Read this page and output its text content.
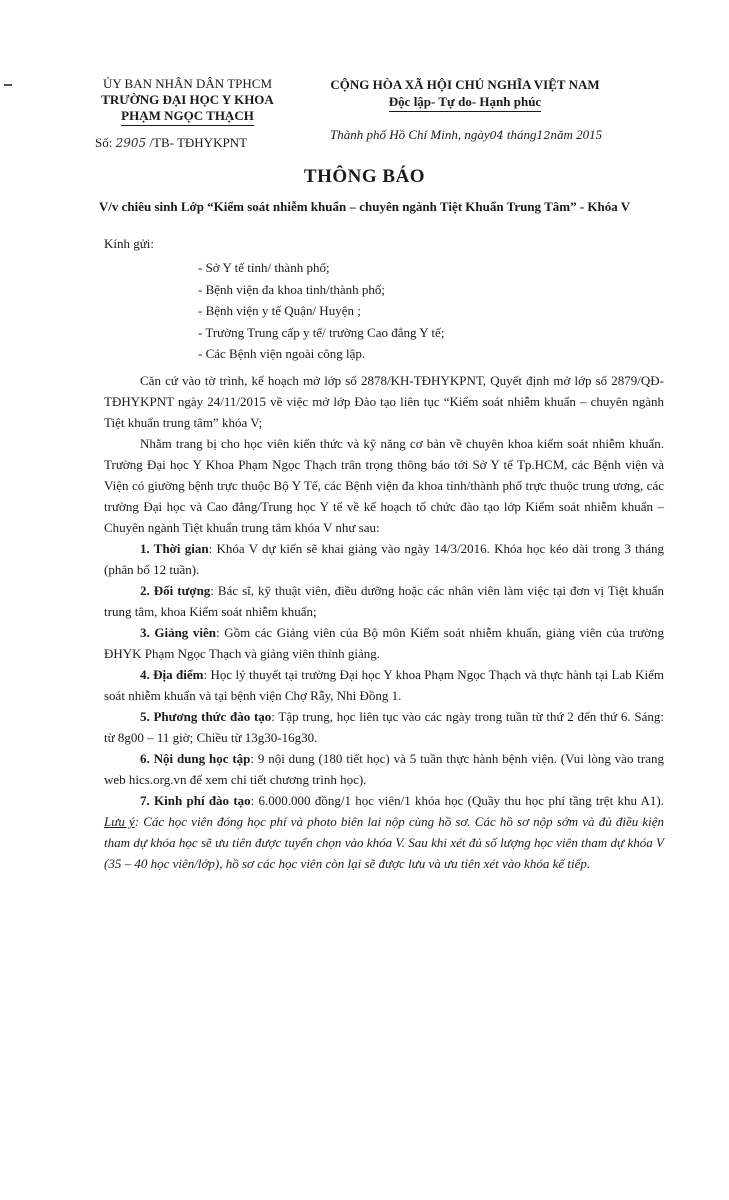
ỦY BAN NHÂN DÂN TPHCM
TRƯỜNG ĐẠI HỌC Y KHOA
PHẠM NGỌC THẠCH
CỘNG HÒA XÃ HỘI CHỦ NGHĨA VIỆT NAM
Độc lập- Tự do- Hạnh phúc
Số: 2905 /TB- TĐHYKPNT
Thành phố Hồ Chí Minh, ngày04 tháng12năm 2015
THÔNG BÁO
V/v chiêu sinh Lớp “Kiểm soát nhiễm khuẩn – chuyên ngành Tiệt Khuẩn Trung Tâm” - Khóa V
Kính gửi:
- Sở Y tế tỉnh/ thành phố;
- Bệnh viện đa khoa tỉnh/thành phố;
- Bệnh viện y tế Quận/ Huyện ;
- Trường Trung cấp y tế/ trường Cao đẳng Y tế;
- Các Bệnh viện ngoài công lập.

Căn cứ vào tờ trình, kế hoạch mở lớp số 2878/KH-TĐHYKPNT, Quyết định mở lớp số 2879/QĐ-TĐHYKPNT ngày 24/11/2015 về việc mở lớp Đào tạo liên tục “Kiểm soát nhiễm khuẩn – chuyên ngành Tiệt khuẩn trung tâm” khóa V;

Nhằm trang bị cho học viên kiến thức và kỹ năng cơ bản về chuyên khoa kiểm soát nhiễm khuẩn. Trường Đại học Y Khoa Phạm Ngọc Thạch trân trọng thông báo tới Sở Y tế Tp.HCM, các Bệnh viện và Viện có giường bệnh trực thuộc Bộ Y Tế, các Bệnh viện đa khoa tỉnh/thành phố trực thuộc trung ương, các trường Đại học và Cao đẳng/Trung học Y tế về kế hoạch tổ chức đào tạo lớp Kiểm soát nhiễm khuẩn – Chuyên ngành Tiệt khuẩn trung tâm khóa V như sau:

1. Thời gian: Khóa V dự kiến sẽ khai giảng vào ngày 14/3/2016. Khóa học kéo dài trong 3 tháng (phân bố 12 tuần).

2. Đối tượng: Bác sĩ, kỹ thuật viên, điều dưỡng hoặc các nhân viên làm việc tại đơn vị Tiệt khuẩn trung tâm, khoa Kiểm soát nhiễm khuẩn;

3. Giảng viên: Gồm các Giảng viên của Bộ môn Kiểm soát nhiễm khuẩn, giảng viên của trường ĐHYK Phạm Ngọc Thạch và giảng viên thỉnh giảng.

4. Địa điểm: Học lý thuyết tại trường Đại học Y khoa Phạm Ngọc Thạch và thực hành tại Lab Kiểm soát nhiễm khuẩn và tại bệnh viện Chợ Rẫy, Nhi Đồng 1.

5. Phương thức đào tạo: Tập trung, học liên tục vào các ngày trong tuần từ thứ 2 đến thứ 6. Sáng: từ 8g00 – 11 giờ; Chiều từ 13g30-16g30.

6. Nội dung học tập: 9 nội dung (180 tiết học) và 5 tuần thực hành bệnh viện. (Vui lòng vào trang web hics.org.vn để xem chi tiết chương trình học).

7. Kinh phí đào tạo: 6.000.000 đồng/1 học viên/1 khóa học (Quầy thu học phí tầng trệt khu A1). Lưu ý: Các học viên đóng học phí và photo biên lai nộp cùng hồ sơ. Các hồ sơ nộp sớm và đủ điều kiện tham dự khóa học sẽ ưu tiên được tuyển chọn vào khóa V. Sau khi xét đủ số lượng học viên tham dự khóa V (35 – 40 học viên/lớp), hồ sơ các học viên còn lại sẽ được lưu và ưu tiên xét vào khóa kế tiếp.
